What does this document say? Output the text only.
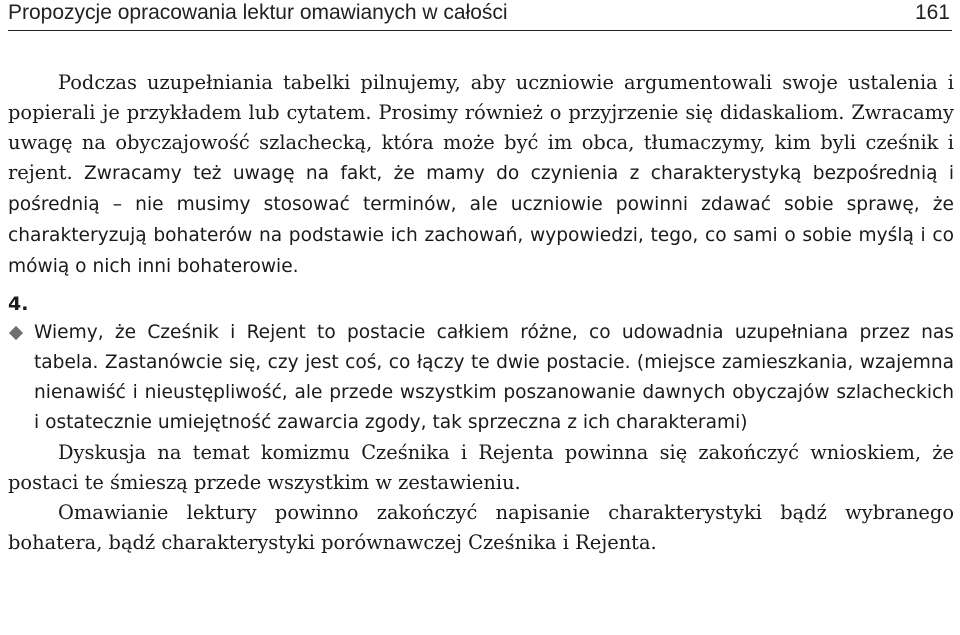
Propozycje opracowania lektur omawianych w całości	161

Podczas uzupełniania tabelki pilnujemy, aby uczniowie argumentowali swoje ustalenia i popierali je przykładem lub cytatem. Prosimy również o przyjrzenie się didaskaliom. Zwracamy uwagę na obyczajowość szlachecką, która może być im obca, tłumaczymy, kim byli cześnik i rejent. Zwracamy też uwagę na fakt, że mamy do czynienia z charakterystyką bezpośrednią i pośrednią – nie musimy stosować terminów, ale uczniowie powinni zdawać sobie sprawę, że charakteryzują bohaterów na podstawie ich zachowań, wypowiedzi, tego, co sami o sobie myślą i co mówią o nich inni bohaterowie.

4.
Wiemy, że Cześnik i Rejent to postacie całkiem różne, co udowadnia uzupełniana przez nas tabela. Zastanówcie się, czy jest coś, co łączy te dwie postacie. (miejsce zamieszkania, wzajemna nienawiść i nieustępliwość, ale przede wszystkim poszanowanie dawnych obyczajów szlacheckich i ostatecznie umiejętność zawarcia zgody, tak sprzeczna z ich charakterami)

Dyskusja na temat komizmu Cześnika i Rejenta powinna się zakończyć wnioskiem, że postaci te śmieszą przede wszystkim w zestawieniu.

Omawianie lektury powinno zakończyć napisanie charakterystyki bądź wybranego bohatera, bądź charakterystyki porównawczej Cześnika i Rejenta.
